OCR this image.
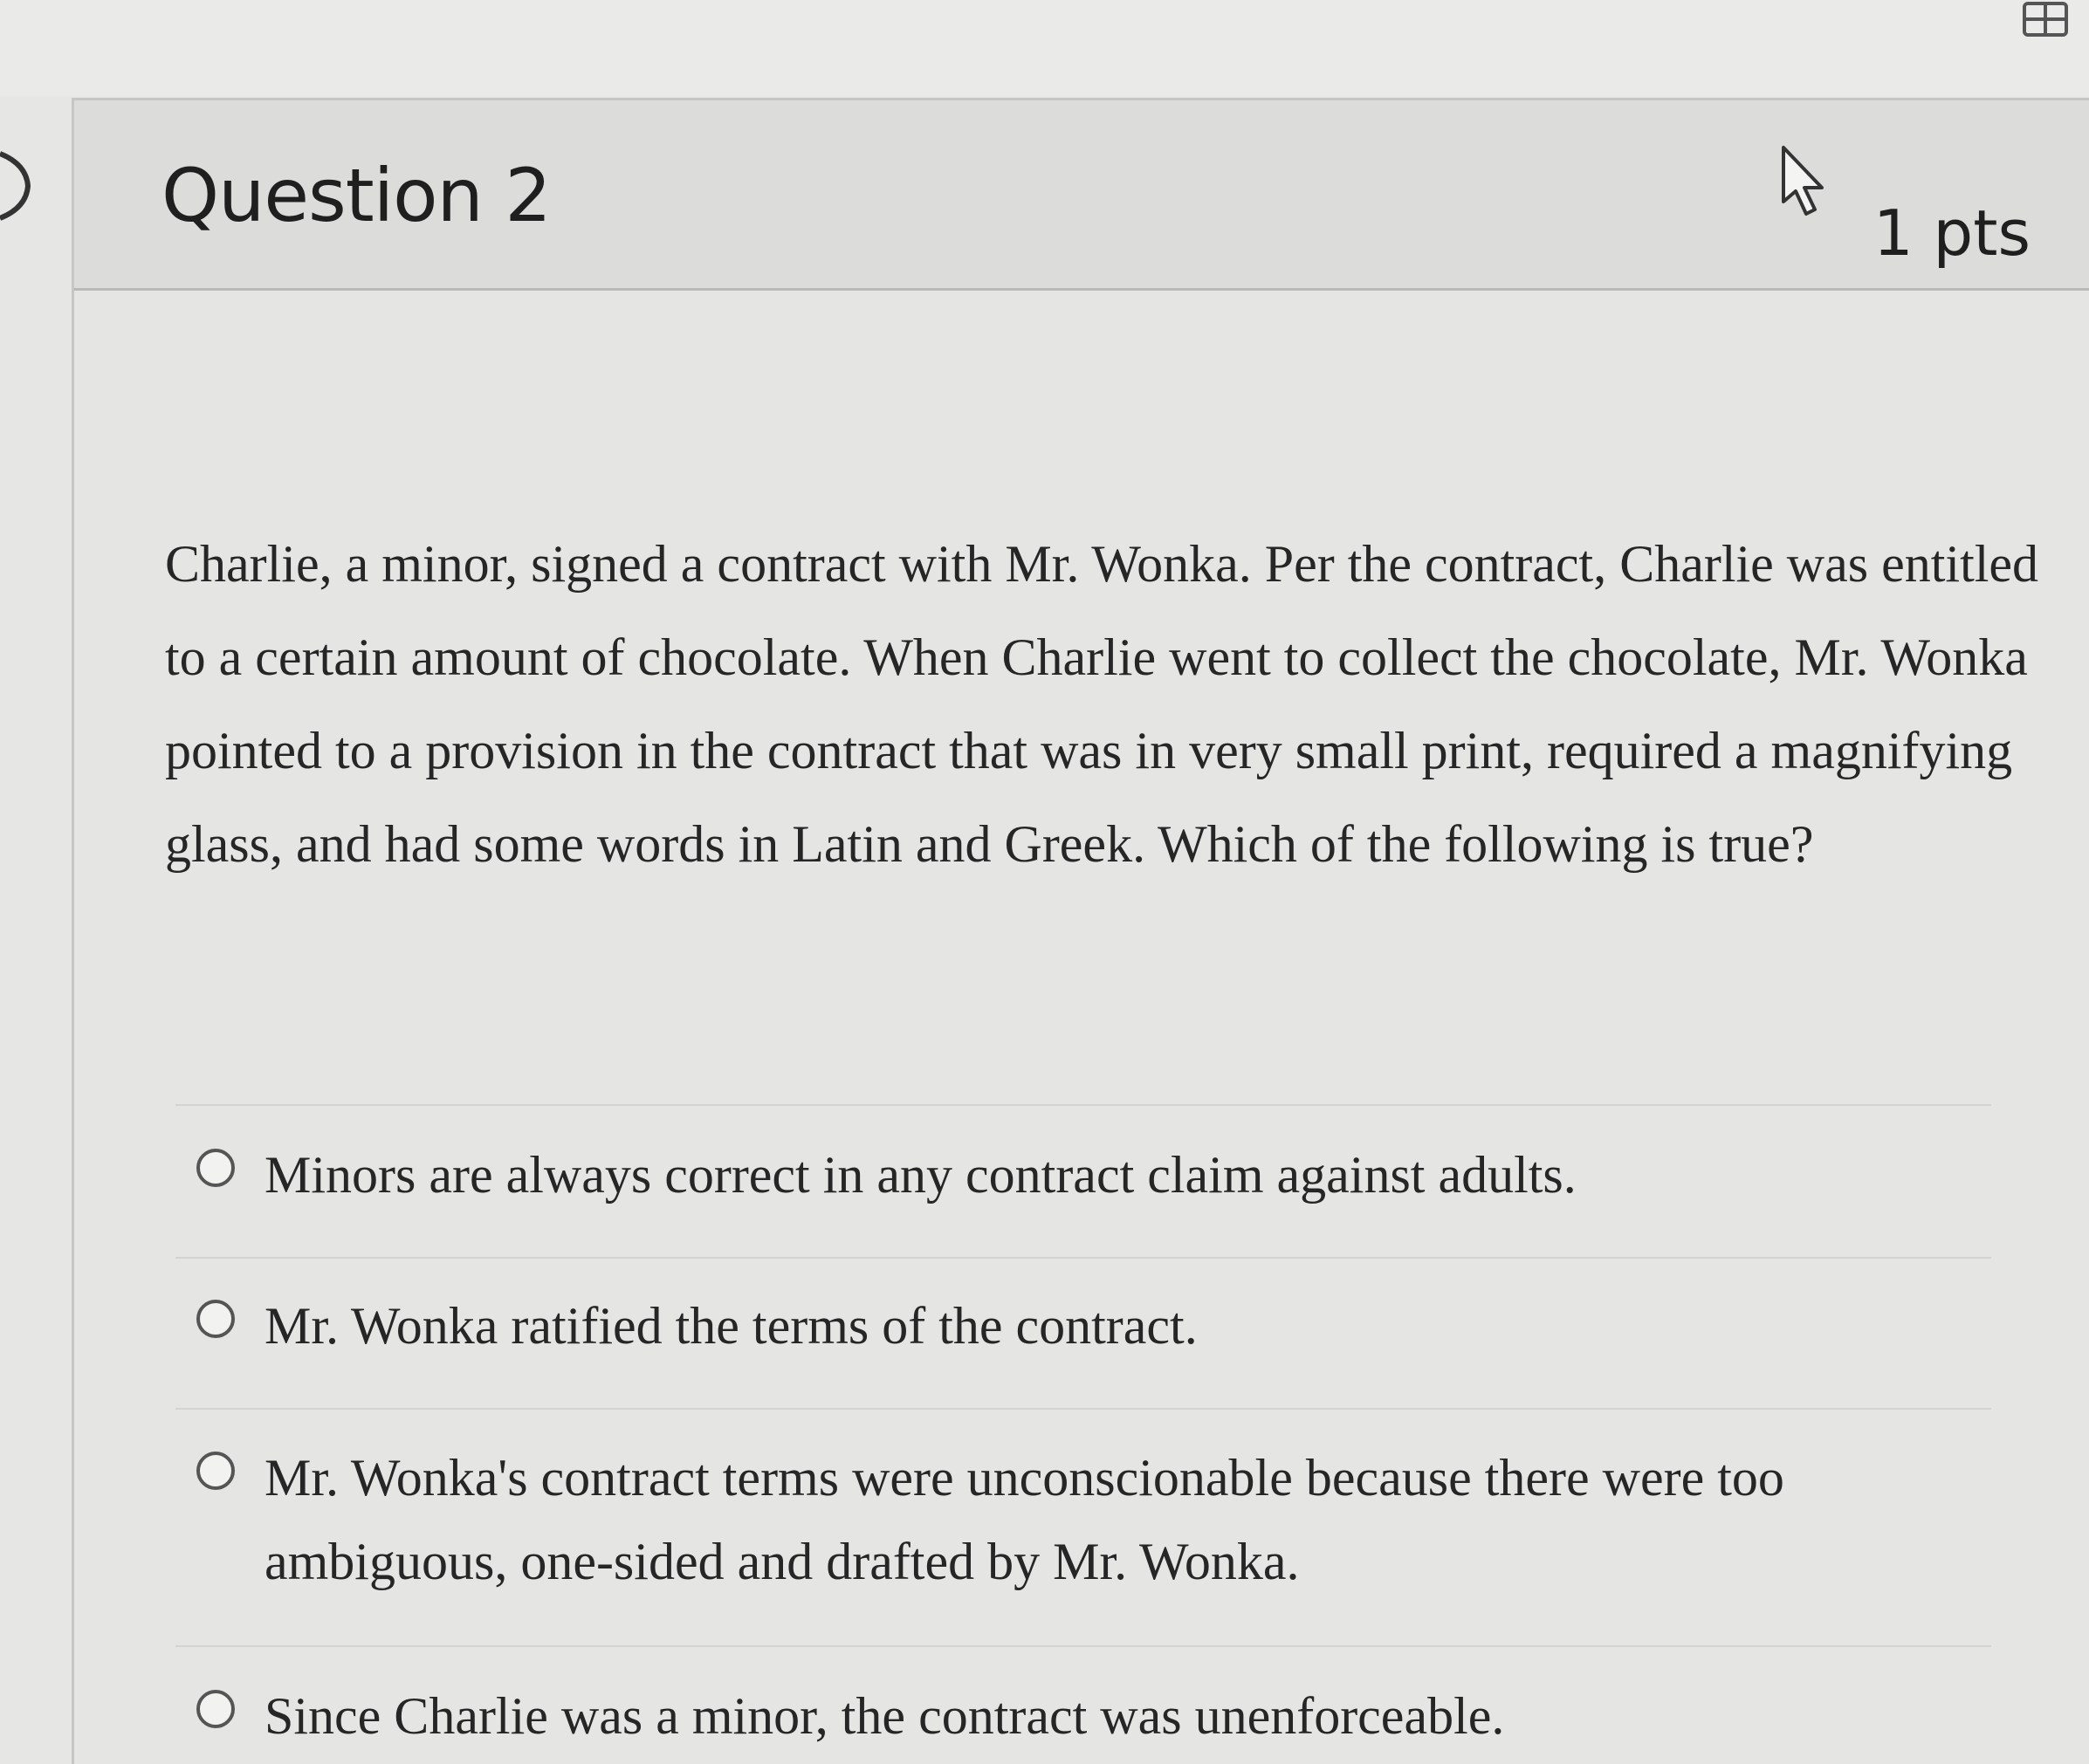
Question 2	1 pts
Charlie, a minor, signed a contract with Mr. Wonka. Per the contract, Charlie was entitled to a certain amount of chocolate. When Charlie went to collect the chocolate, Mr. Wonka pointed to a provision in the contract that was in very small print, required a magnifying glass, and had some words in Latin and Greek. Which of the following is true?
Minors are always correct in any contract claim against adults.
Mr. Wonka ratified the terms of the contract.
Mr. Wonka's contract terms were unconscionable because there were too ambiguous, one-sided and drafted by Mr. Wonka.
Since Charlie was a minor, the contract was unenforceable.
